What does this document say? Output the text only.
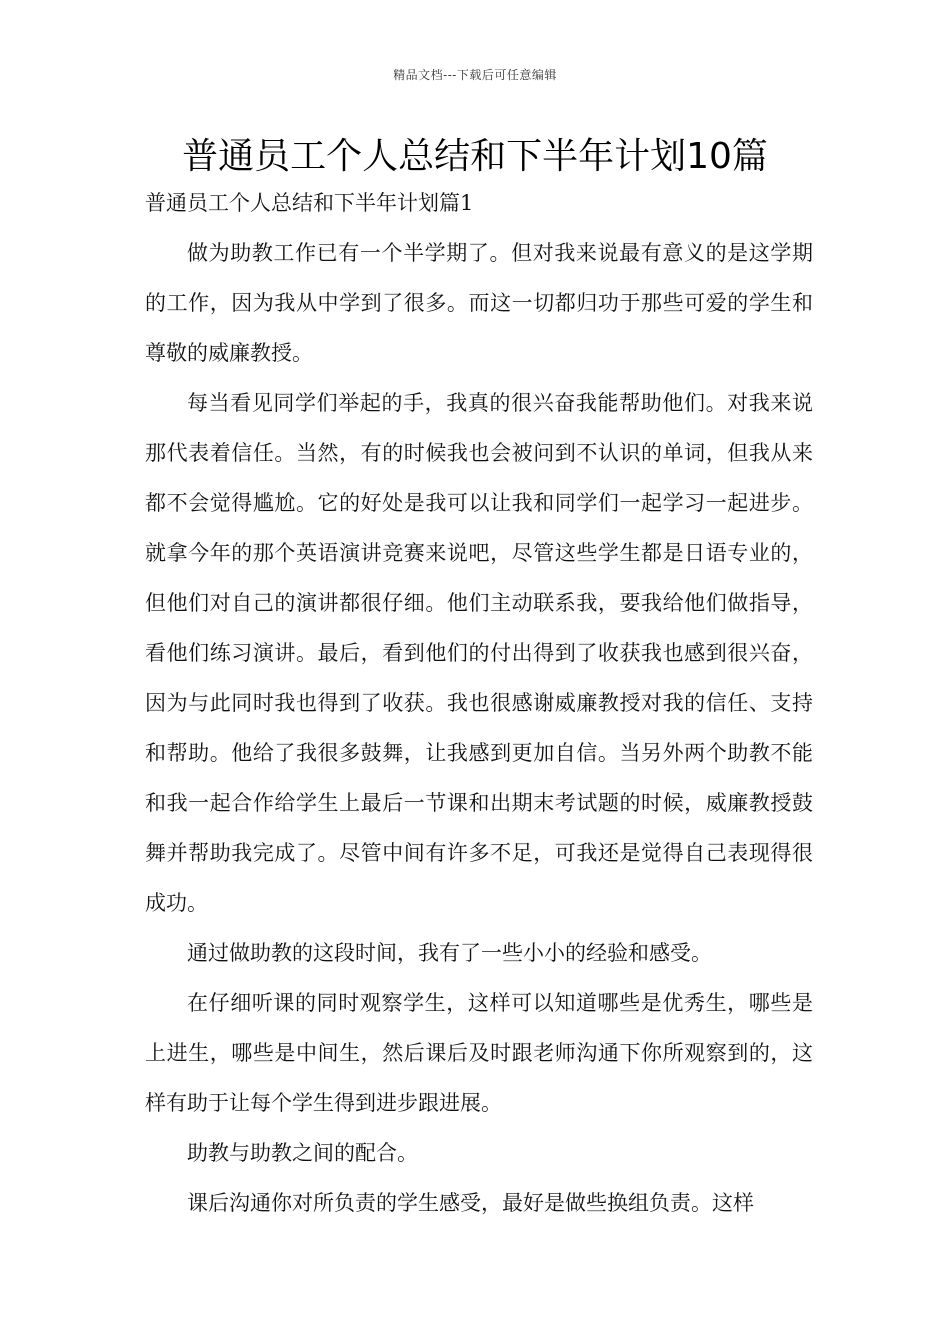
精品文档---下载后可任意编辑
普通员工个人总结和下半年计划10篇
普通员工个人总结和下半年计划篇1

做为助教工作已有一个半学期了。但对我来说最有意义的是这学期的工作，因为我从中学到了很多。而这一切都归功于那些可爱的学生和尊敬的威廉教授。

每当看见同学们举起的手，我真的很兴奋我能帮助他们。对我来说那代表着信任。当然，有的时候我也会被问到不认识的单词，但我从来都不会觉得尴尬。它的好处是我可以让我和同学们一起学习一起进步。就拿今年的那个英语演讲竞赛来说吧，尽管这些学生都是日语专业的，但他们对自己的演讲都很仔细。他们主动联系我，要我给他们做指导，看他们练习演讲。最后，看到他们的付出得到了收获我也感到很兴奋，因为与此同时我也得到了收获。我也很感谢威廉教授对我的信任、支持和帮助。他给了我很多鼓舞，让我感到更加自信。当另外两个助教不能和我一起合作给学生上最后一节课和出期末考试题的时候，威廉教授鼓舞并帮助我完成了。尽管中间有许多不足，可我还是觉得自己表现得很成功。

通过做助教的这段时间，我有了一些小小的经验和感受。

在仔细听课的同时观察学生，这样可以知道哪些是优秀生，哪些是上进生，哪些是中间生，然后课后及时跟老师沟通下你所观察到的，这样有助于让每个学生得到进步跟进展。

助教与助教之间的配合。

课后沟通你对所负责的学生感受，最好是做些换组负责。这样
